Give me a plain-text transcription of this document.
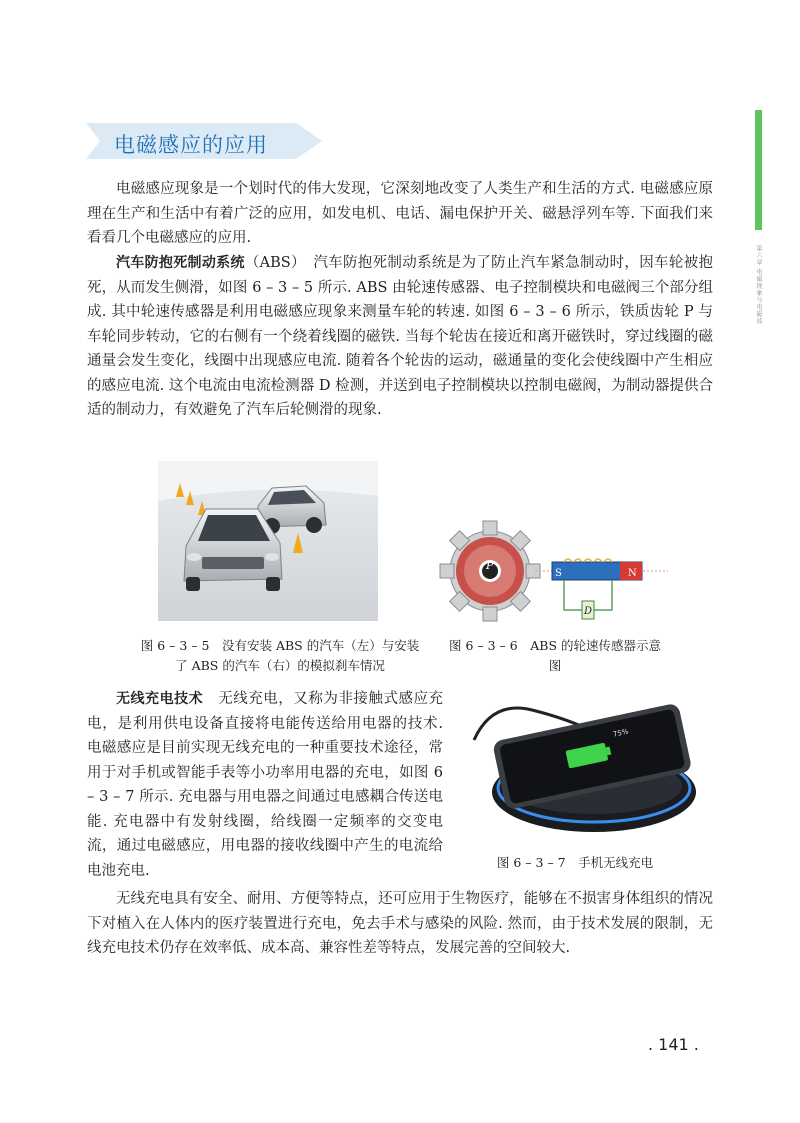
第六章 电磁现象与电磁波
电磁感应的应用

电磁感应现象是一个划时代的伟大发现，它深刻地改变了人类生产和生活的方式. 电磁感应原理在生产和生活中有着广泛的应用，如发电机、电话、漏电保护开关、磁悬浮列车等. 下面我们来看看几个电磁感应的应用.

汽车防抱死制动系统（ABS）　 汽车防抱死制动系统是为了防止汽车紧急制动时，因车轮被抱死，从而发生侧滑，如图 6 – 3 – 5 所示. ABS 由轮速传感器、电子控制模块和电磁阀三个部分组成. 其中轮速传感器是利用电磁感应现象来测量车轮的转速. 如图 6 – 3 – 6 所示，铁质齿轮 P 与车轮同步转动，它的右侧有一个绕着线圈的磁铁. 当每个轮齿在接近和离开磁铁时，穿过线圈的磁通量会发生变化，线圈中出现感应电流. 随着各个轮齿的运动，磁通量的变化会使线圈中产生相应的感应电流. 这个电流由电流检测器 D 检测，并送到电子控制模块以控制电磁阀，为制动器提供合适的制动力，有效避免了汽车后轮侧滑的现象.

图 6 – 3 – 5　没有安装 ABS 的汽车（左）与安装了 ABS 的汽车（右）的模拟刹车情况
P
S	N
D
图 6 – 3 – 6　ABS 的轮速传感器示意图

无线充电技术　 无线充电，又称为非接触式感应充电，是利用供电设备直接将电能传送给用电器的技术. 电磁感应是目前实现无线充电的一种重要技术途径，常用于对手机或智能手表等小功率用电器的充电，如图 6 – 3 – 7 所示. 充电器与用电器之间通过电感耦合传送电能. 充电器中有发射线圈，给线圈一定频率的交变电流，通过电磁感应，用电器的接收线圈中产生的电流给电池充电.

75%
图 6 – 3 – 7　手机无线充电

无线充电具有安全、耐用、方便等特点，还可应用于生物医疗，能够在不损害身体组织的情况下对植入在人体内的医疗装置进行充电，免去手术与感染的风险. 然而，由于技术发展的限制，无线充电技术仍存在效率低、成本高、兼容性差等特点，发展完善的空间较大.

. 141 .
